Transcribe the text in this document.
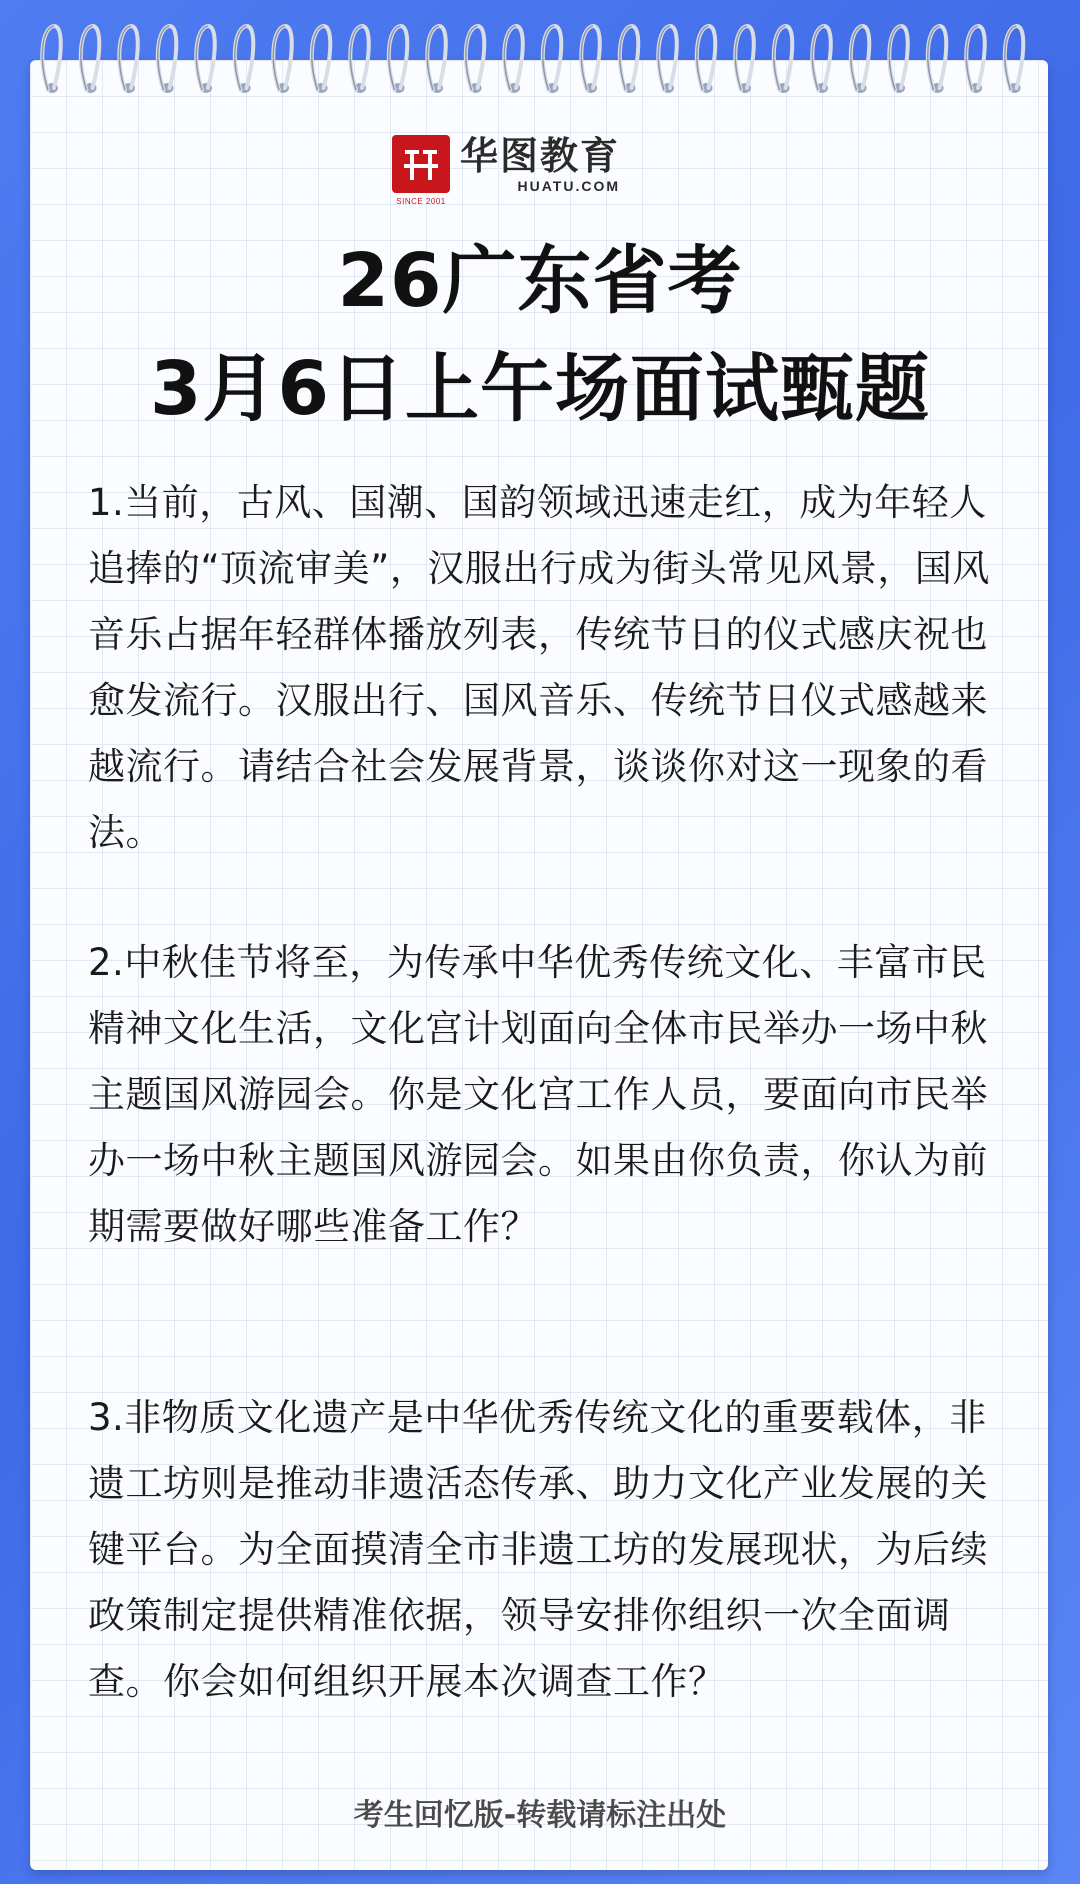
SINCE 2001
华图教育
HUATU.COM
26广东省考
3月6日上午场面试甄题
1.当前，古风、国潮、国韵领域迅速走红，成为年轻人追捧的“顶流审美”，汉服出行成为街头常见风景，国风音乐占据年轻群体播放列表，传统节日的仪式感庆祝也愈发流行。汉服出行、国风音乐、传统节日仪式感越来越流行。请结合社会发展背景，谈谈你对这一现象的看法。
2.中秋佳节将至，为传承中华优秀传统文化、丰富市民精神文化生活，文化宫计划面向全体市民举办一场中秋主题国风游园会。你是文化宫工作人员，要面向市民举办一场中秋主题国风游园会。如果由你负责，你认为前期需要做好哪些准备工作？
3.非物质文化遗产是中华优秀传统文化的重要载体，非遗工坊则是推动非遗活态传承、助力文化产业发展的关键平台。为全面摸清全市非遗工坊的发展现状，为后续政策制定提供精准依据，领导安排你组织一次全面调查。你会如何组织开展本次调查工作？
考生回忆版-转载请标注出处
